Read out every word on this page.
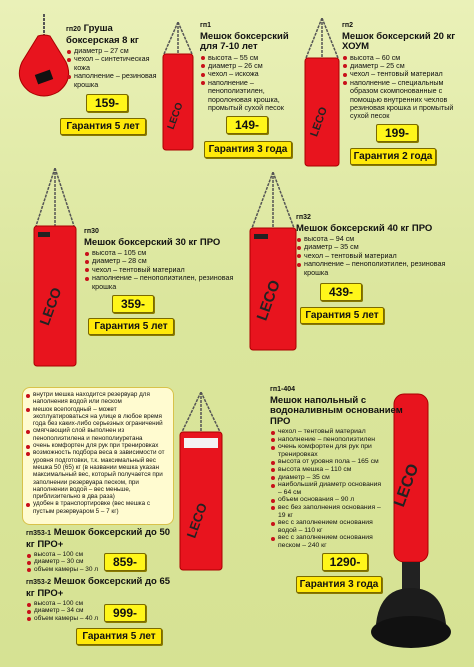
LECO	LECO
LECO	LECO
LECO
LECO
гп20 Груша боксерская 8 кг
диаметр – 27 см
чехол – синтетическая кожа
наполнение – резиновая крошка
159-
Гарантия 5 лет
гп1
Мешок боксерский для 7-10 лет
высота – 55 см
диаметр – 26 см
чехол – искожа
наполнение – пенополиэтилен, поролоновая крошка, промытый сухой песок
149-
Гарантия 3 года
гп2
Мешок боксерский 20 кг ХОУМ
высота – 60 см
диаметр – 25 см
чехол – тентовый материал
наполнение – специальным образом скомпонованные с помощью внутренних чехлов резиновая крошка и промытый сухой песок
199-
Гарантия 2 года
гп30
Мешок боксерский 30 кг ПРО
высота – 105 см
диаметр – 28 см
чехол – тентовый материал
наполнение – пенополиэтилен, резиновая крошка
359-
Гарантия 5 лет
гп32
Мешок боксерский 40 кг ПРО
высота – 94 см
диаметр – 35 см
чехол – тентовый материал
наполнение – пенополиэтилен, резиновая крошка
439-
Гарантия 5 лет
внутри мешка находится резервуар для наполнения водой или песком
мешок всепогодный – может эксплуатироваться на улице в любое время года без каких-либо серьезных ограничений
смягчающий слой выполнен из пенополиэтилена и пенополиуретана
очень комфортен для рук при тренировках
возможность подбора веса в зависимости от уровня подготовки, т.к. максимальный вес мешка 50 (65) кг (в названии мешка указан максимальный вес, который получается при заполнении резервуара песком, при наполнении водой – вес меньше, приблизительно в два раза)
удобен в транспортировке (вес мешка с пустым резервуаром 5 – 7 кг)
гп353-1 Мешок боксерский до 50 кг ПРО+
высота – 100 см
диаметр – 30 см
объем камеры – 30 л
859-
гп353-2 Мешок боксерский до 65 кг ПРО+
высота – 100 см
диаметр – 34 см
объем камеры – 40 л	999-
Гарантия 5 лет
гп1-404
Мешок напольный с водоналивным основанием ПРО
чехол – тентовый материал
наполнение – пенополиэтилен
очень комфортен для рук при тренировках
высота от уровня пола – 165 см
высота мешка – 110 см
диаметр – 35 см
наибольший диаметр основания – 64 см
объем основания – 90 л
вес без заполнения основания – 19 кг
вес с заполнением основания водой – 110 кг
вес с заполнением основания песком – 240 кг
1290-
Гарантия 3 года
